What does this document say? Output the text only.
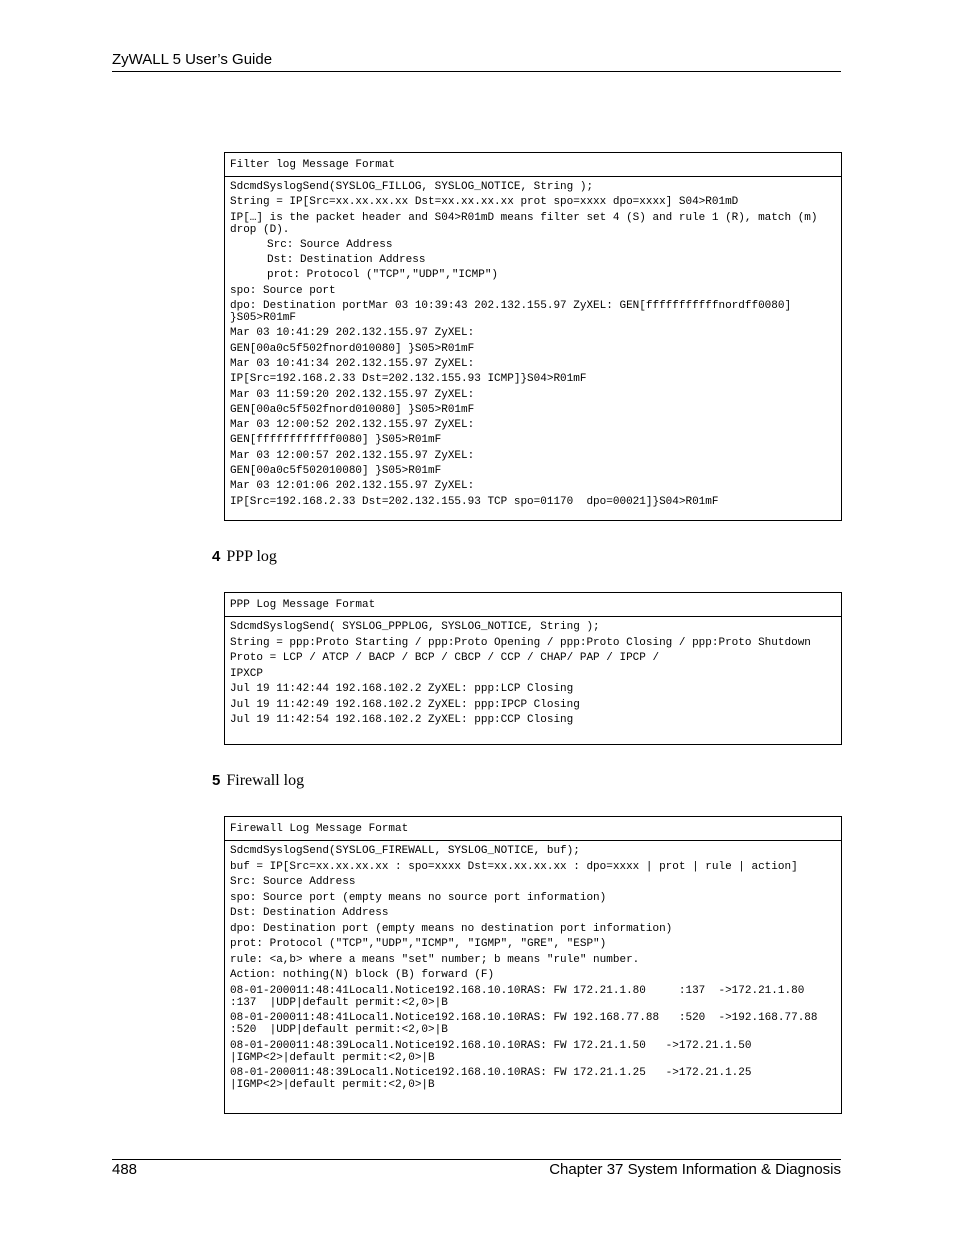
ZyWALL 5 User’s Guide
Filter log Message Format
SdcmdSyslogSend(SYSLOG_FILLOG, SYSLOG_NOTICE, String );
String = IP[Src=xx.xx.xx.xx Dst=xx.xx.xx.xx prot spo=xxxx dpo=xxxx] S04>R01mD
IP[…] is the packet header and S04>R01mD means filter set 4 (S) and rule 1 (R), match (m) drop (D).
Src: Source Address
Dst: Destination Address
prot: Protocol ("TCP","UDP","ICMP")
spo: Source port
dpo: Destination portMar 03 10:39:43 202.132.155.97 ZyXEL: GEN[fffffffffffnordff0080] }S05>R01mF
Mar 03 10:41:29 202.132.155.97 ZyXEL:
GEN[00a0c5f502fnord010080] }S05>R01mF
Mar 03 10:41:34 202.132.155.97 ZyXEL:
IP[Src=192.168.2.33 Dst=202.132.155.93 ICMP]}S04>R01mF
Mar 03 11:59:20 202.132.155.97 ZyXEL:
GEN[00a0c5f502fnord010080] }S05>R01mF
Mar 03 12:00:52 202.132.155.97 ZyXEL:
GEN[ffffffffffff0080] }S05>R01mF
Mar 03 12:00:57 202.132.155.97 ZyXEL:
GEN[00a0c5f502010080] }S05>R01mF
Mar 03 12:01:06 202.132.155.97 ZyXEL:
IP[Src=192.168.2.33 Dst=202.132.155.93 TCP spo=01170  dpo=00021]}S04>R01mF
4 PPP log
PPP Log Message Format
SdcmdSyslogSend( SYSLOG_PPPLOG, SYSLOG_NOTICE, String );
String = ppp:Proto Starting / ppp:Proto Opening / ppp:Proto Closing / ppp:Proto Shutdown
Proto = LCP / ATCP / BACP / BCP / CBCP / CCP / CHAP/ PAP / IPCP /
IPXCP
Jul 19 11:42:44 192.168.102.2 ZyXEL: ppp:LCP Closing
Jul 19 11:42:49 192.168.102.2 ZyXEL: ppp:IPCP Closing
Jul 19 11:42:54 192.168.102.2 ZyXEL: ppp:CCP Closing
5 Firewall log
Firewall Log Message Format
SdcmdSyslogSend(SYSLOG_FIREWALL, SYSLOG_NOTICE, buf);
buf = IP[Src=xx.xx.xx.xx : spo=xxxx Dst=xx.xx.xx.xx : dpo=xxxx | prot | rule | action]
Src: Source Address
spo: Source port (empty means no source port information)
Dst: Destination Address
dpo: Destination port (empty means no destination port information)
prot: Protocol ("TCP","UDP","ICMP", "IGMP", "GRE", "ESP")
rule: <a,b> where a means "set" number; b means "rule" number.
Action: nothing(N) block (B) forward (F)
08-01-200011:48:41Local1.Notice192.168.10.10RAS: FW 172.21.1.80     :137  ->172.21.1.80     :137  |UDP|default permit:<2,0>|B
08-01-200011:48:41Local1.Notice192.168.10.10RAS: FW 192.168.77.88   :520  ->192.168.77.88   :520  |UDP|default permit:<2,0>|B
08-01-200011:48:39Local1.Notice192.168.10.10RAS: FW 172.21.1.50   ->172.21.1.50 |IGMP<2>|default permit:<2,0>|B
08-01-200011:48:39Local1.Notice192.168.10.10RAS: FW 172.21.1.25   ->172.21.1.25 |IGMP<2>|default permit:<2,0>|B
488	Chapter 37 System Information & Diagnosis
